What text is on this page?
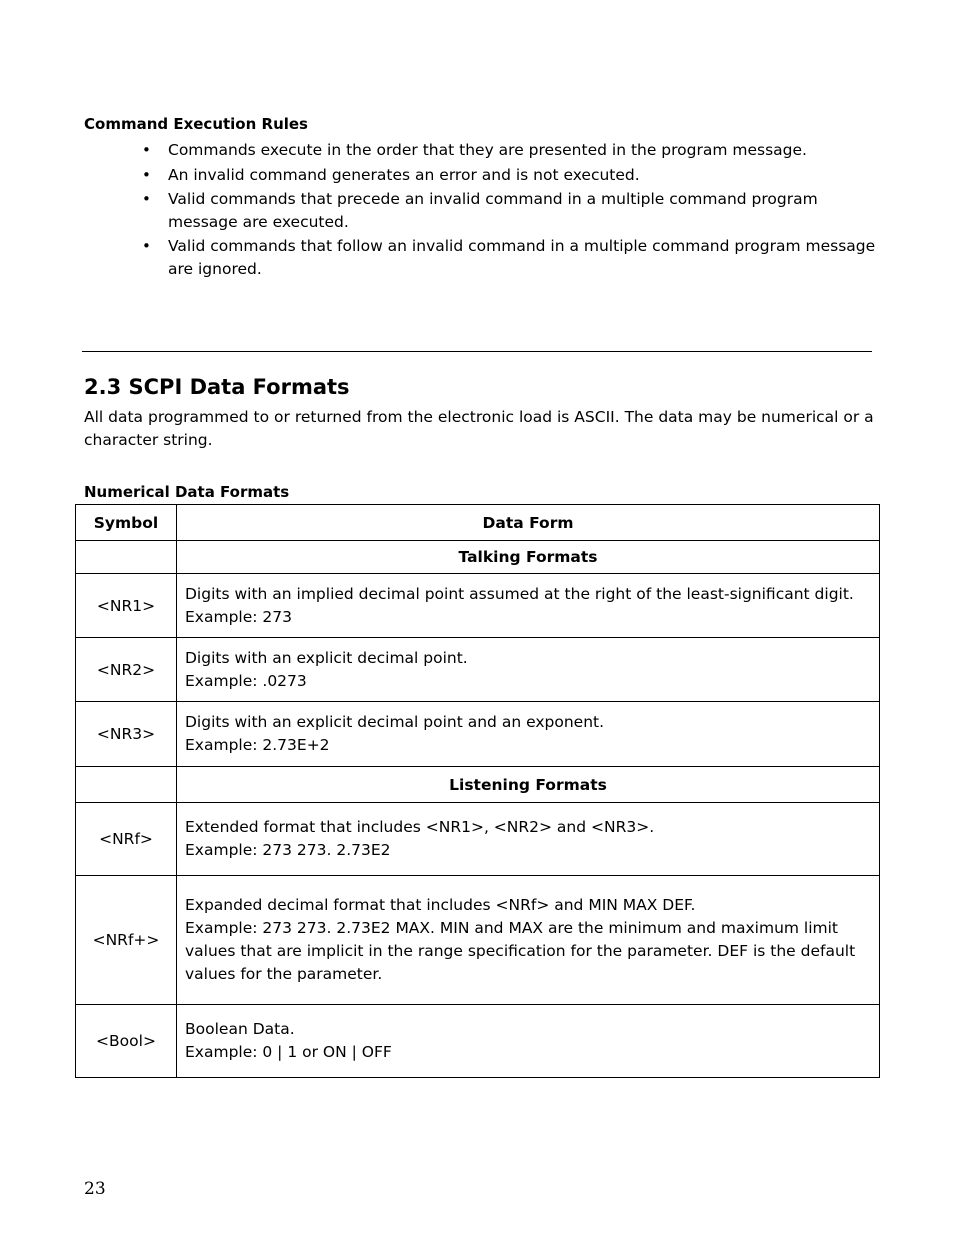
Command Execution Rules

• Commands execute in the order that they are presented in the program message.
• An invalid command generates an error and is not executed.
• Valid commands that precede an invalid command in a multiple command program
message are executed.
• Valid commands that follow an invalid command in a multiple command program message
are ignored.
2.3 SCPI Data Formats

All data programmed to or returned from the electronic load is ASCII. The data may be numerical or a
character string.

Numerical Data Formats

Symbol	Data Form
	Talking Formats
<NR1>	Digits with an implied decimal point assumed at the right of the least-significant digit.
Example: 273

<NR2>	Digits with an explicit decimal point.
Example: .0273

<NR3>	Digits with an explicit decimal point and an exponent.
Example: 2.73E+2

	Listening Formats
<NRf>	Extended format that includes <NR1>, <NR2> and <NR3>.
Example: 273 273. 2.73E2

<NRf+>	Expanded decimal format that includes <NRf> and MIN MAX DEF.
Example: 273 273. 2.73E2 MAX. MIN and MAX are the minimum and maximum limit
values that are implicit in the range specification for the parameter. DEF is the default
values for the parameter.

<Bool>	Boolean Data.
Example: 0 | 1 or ON | OFF
23
